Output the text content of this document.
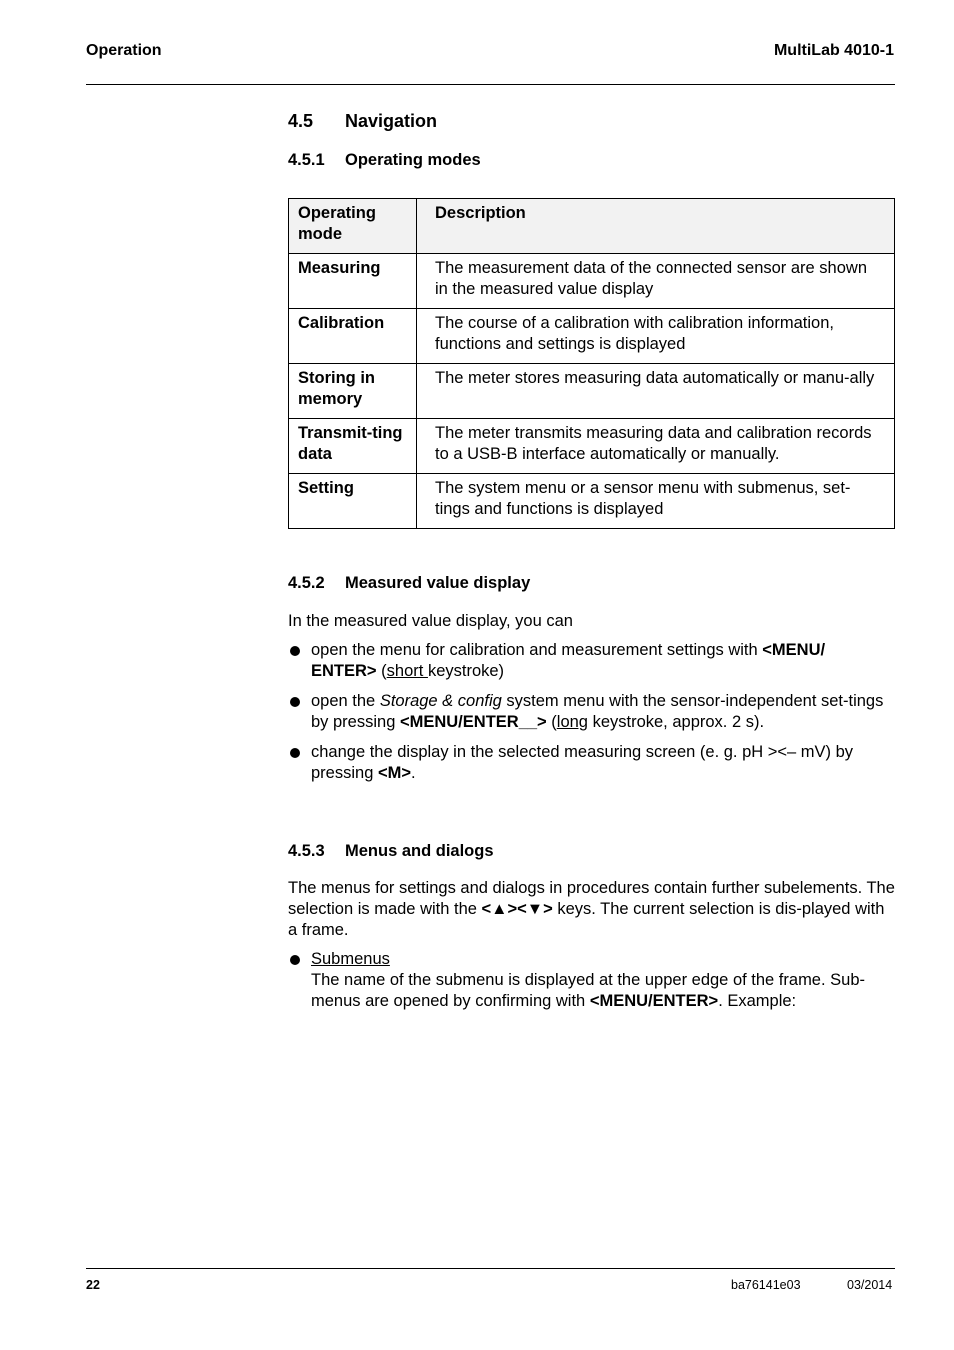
Operation	MultiLab 4010-1
4.5 Navigation
4.5.1 Operating modes
Operating mode	Description
Measuring	The measurement data of the connected sensor are shown in the measured value display
Calibration	The course of a calibration with calibration information, functions and settings is displayed
Storing in memory	The meter stores measuring data automatically or manu-ally
Transmit-ting data	The meter transmits measuring data and calibration records to a USB-B interface automatically or manually.
Setting	The system menu or a sensor menu with submenus, set-tings and functions is displayed
4.5.2 Measured value display
In the measured value display, you can
open the menu for calibration and measurement settings with <MENU/ ENTER> (short keystroke)
open the Storage & config system menu with the sensor-independent set-tings by pressing <MENU/ENTER__> (long keystroke, approx. 2 s).
change the display in the selected measuring screen (e. g. pH ><– mV) by pressing <M>.
4.5.3 Menus and dialogs
The menus for settings and dialogs in procedures contain further subelements. The selection is made with the <▲><▼> keys. The current selection is dis-played with a frame.
Submenus
The name of the submenu is displayed at the upper edge of the frame. Sub-menus are opened by confirming with <MENU/ENTER>. Example:
22	ba76141e03	03/2014
